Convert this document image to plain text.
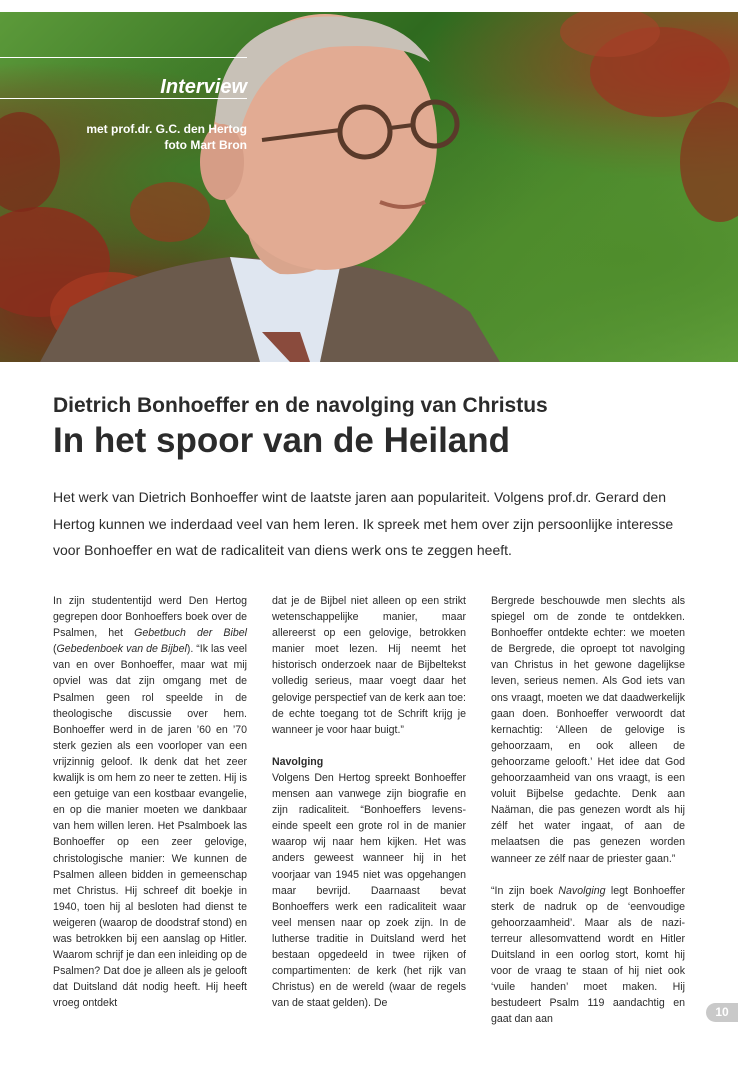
Interview
met prof.dr. G.C. den Hertog
foto Mart Bron
Dietrich Bonhoeffer en de navolging van Christus
In het spoor van de Heiland
Het werk van Dietrich Bonhoeffer wint de laatste jaren aan populariteit. Volgens prof.dr. Gerard den Hertog kunnen we inderdaad veel van hem leren. Ik spreek met hem over zijn persoonlijke interesse voor Bonhoeffer en wat de radicaliteit van diens werk ons te zeggen heeft.

In zijn studententijd werd Den Hertog gegrepen door Bonhoeffers boek over de Psalmen, het Gebetbuch der Bibel (Gebedenboek van de Bijbel). “Ik las veel van en over Bonhoeffer, maar wat mij opviel was dat zijn omgang met de Psalmen geen rol speelde in de theologische discussie over hem. Bonhoeffer werd in de jaren ’60 en ’70 sterk gezien als een voorloper van een vrijzinnig geloof. Ik denk dat het zeer kwalijk is om hem zo neer te zetten. Hij is een getuige van een kostbaar evangelie, en op die manier moeten we dankbaar van hem willen leren. Het Psalmboek las Bonhoeffer op een zeer gelovige, christologische manier: We kunnen de Psalmen alleen bidden in gemeenschap met Christus. Hij schreef dit boekje in 1940, toen hij al besloten had dienst te weigeren (waarop de doodstraf stond) en was betrokken bij een aanslag op Hitler. Waarom schrijf je dan een inleiding op de Psalmen? Dat doe je alleen als je gelooft dat Duitsland dát nodig heeft. Hij heeft vroeg ontdekt

dat je de Bijbel niet alleen op een strikt wetenschappelijke manier, maar allereerst op een gelovige, betrokken manier moet lezen. Hij neemt het historisch onderzoek naar de Bijbeltekst volledig serieus, maar voegt daar het gelovige perspectief van de kerk aan toe: de echte toegang tot de Schrift krijg je wanneer je voor haar buigt.”

Navolging

Volgens Den Hertog spreekt Bonhoeffer mensen aan vanwege zijn biografie en zijn radicaliteit. “Bonhoeffers levens-einde speelt een grote rol in de manier waarop wij naar hem kijken. Het was anders geweest wanneer hij in het voorjaar van 1945 niet was opgehangen maar bevrijd. Daarnaast bevat Bonhoeffers werk een radicaliteit waar veel mensen naar op zoek zijn. In de lutherse traditie in Duitsland werd het bestaan opgedeeld in twee rijken of compartimenten: de kerk (het rijk van Christus) en de wereld (waar de regels van de staat gelden). De

Bergrede beschouwde men slechts als spiegel om de zonde te ontdekken. Bonhoeffer ontdekte echter: we moeten de Bergrede, die oproept tot navolging van Christus in het gewone dagelijkse leven, serieus nemen. Als God iets van ons vraagt, moeten we dat daadwerkelijk gaan doen. Bonhoeffer verwoordt dat kernachtig: ‘Alleen de gelovige is gehoorzaam, en ook alleen de gehoorzame gelooft.’ Het idee dat God gehoorzaamheid van ons vraagt, is een voluit Bijbelse gedachte. Denk aan Naäman, die pas genezen wordt als hij zélf het water ingaat, of aan de melaatsen die pas genezen worden wanneer ze zélf naar de priester gaan.”

“In zijn boek Navolging legt Bonhoeffer sterk de nadruk op de ‘eenvoudige gehoorzaamheid’. Maar als de nazi-terreur allesomvattend wordt en Hitler Duitsland in een oorlog stort, komt hij voor de vraag te staan of hij niet ook ‘vuile handen’ moet maken. Hij bestudeert Psalm 119 aandachtig en gaat dan aan

10
